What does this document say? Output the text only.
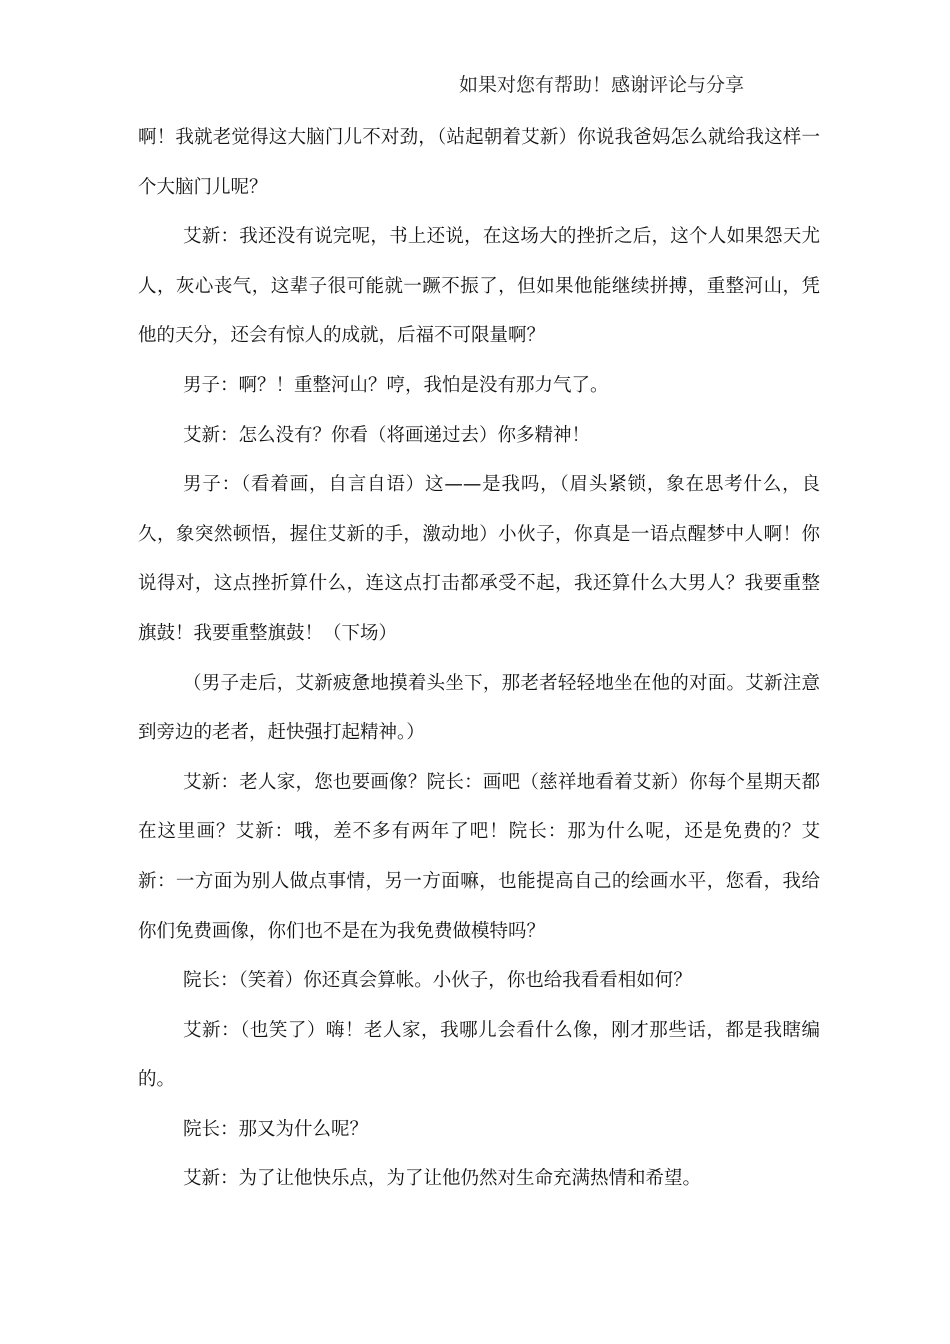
如果对您有帮助！感谢评论与分享

啊！我就老觉得这大脑门儿不对劲，（站起朝着艾新）你说我爸妈怎么就给我这样一个大脑门儿呢？

艾新：我还没有说完呢，书上还说，在这场大的挫折之后，这个人如果怨天尤人，灰心丧气，这辈子很可能就一蹶不振了，但如果他能继续拼搏，重整河山，凭他的天分，还会有惊人的成就，后福不可限量啊？

男子：啊？！重整河山？哼，我怕是没有那力气了。

艾新：怎么没有？你看（将画递过去）你多精神！

男子：（看着画，自言自语）这——是我吗，（眉头紧锁，象在思考什么，良久，象突然顿悟，握住艾新的手，激动地）小伙子，你真是一语点醒梦中人啊！你说得对，这点挫折算什么，连这点打击都承受不起，我还算什么大男人？我要重整旗鼓！我要重整旗鼓！（下场）

（男子走后，艾新疲惫地摸着头坐下，那老者轻轻地坐在他的对面。艾新注意到旁边的老者，赶快强打起精神。）

艾新：老人家，您也要画像？院长：画吧（慈祥地看着艾新）你每个星期天都在这里画？艾新：哦，差不多有两年了吧！院长：那为什么呢，还是免费的？艾新：一方面为别人做点事情，另一方面嘛，也能提高自己的绘画水平，您看，我给你们免费画像，你们也不是在为我免费做模特吗？

院长：（笑着）你还真会算帐。小伙子，你也给我看看相如何？

艾新：（也笑了）嗨！老人家，我哪儿会看什么像，刚才那些话，都是我瞎编的。

院长：那又为什么呢？

艾新：为了让他快乐点，为了让他仍然对生命充满热情和希望。
